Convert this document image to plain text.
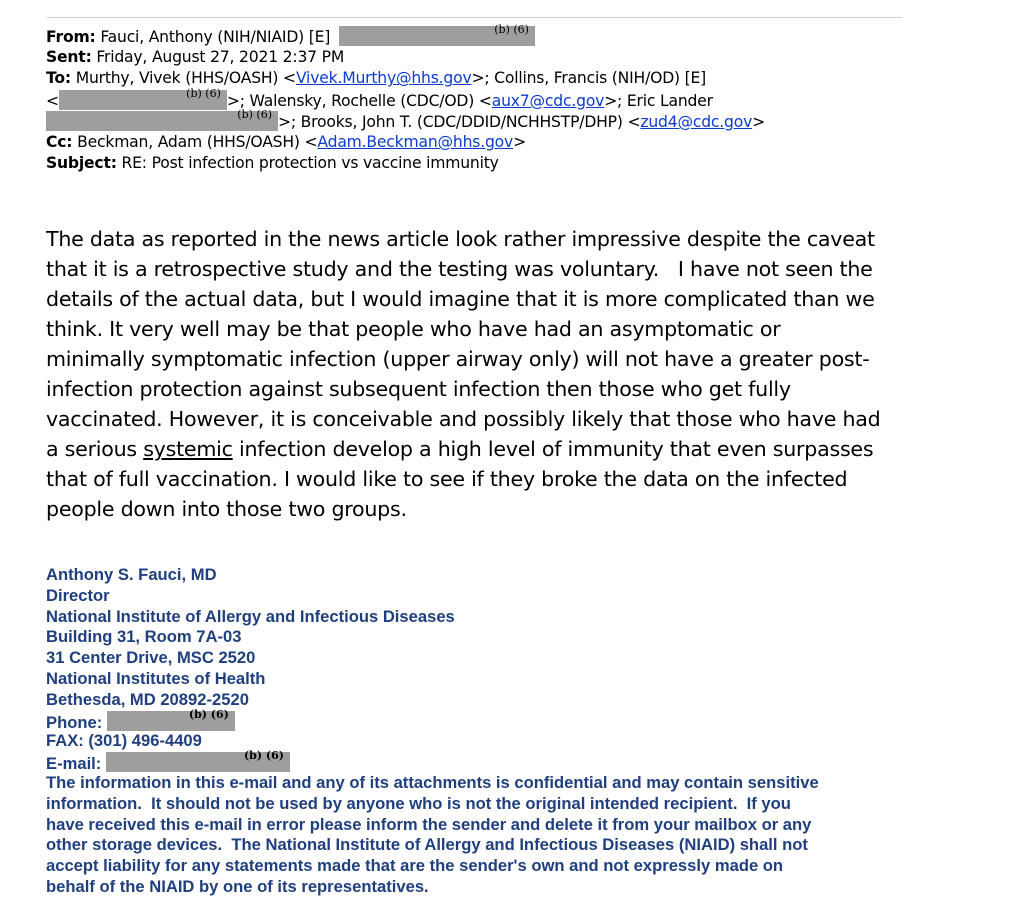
From: Fauci, Anthony (NIH/NIAID) [E]	(b) (6)
Sent: Friday, August 27, 2021 2:37 PM
To: Murthy, Vivek (HHS/OASH) <Vivek.Murthy@hhs.gov>; Collins, Francis (NIH/OD) [E]
<	(b) (6) >; Walensky, Rochelle (CDC/OD) <aux7@cdc.gov>; Eric Lander
(b) (6) >; Brooks, John T. (CDC/DDID/NCHHSTP/DHP) <zud4@cdc.gov>
Cc: Beckman, Adam (HHS/OASH) <Adam.Beckman@hhs.gov>
Subject: RE: Post infection protection vs vaccine immunity
The data as reported in the news article look rather impressive despite the caveat
that it is a retrospective study and the testing was voluntary.   I have not seen the
details of the actual data, but I would imagine that it is more complicated than we
think. It very well may be that people who have had an asymptomatic or
minimally symptomatic infection (upper airway only) will not have a greater post-
infection protection against subsequent infection then those who get fully
vaccinated. However, it is conceivable and possibly likely that those who have had
a serious systemic infection develop a high level of immunity that even surpasses
that of full vaccination. I would like to see if they broke the data on the infected
people down into those two groups.
Anthony S. Fauci, MD
Director
National Institute of Allergy and Infectious Diseases
Building 31, Room 7A-03
31 Center Drive, MSC 2520
National Institutes of Health
Bethesda, MD 20892-2520
Phone:	(b) (6)
FAX: (301) 496-4409
E-mail:	(b) (6)
The information in this e-mail and any of its attachments is confidential and may contain sensitive
information.  It should not be used by anyone who is not the original intended recipient.  If you
have received this e-mail in error please inform the sender and delete it from your mailbox or any
other storage devices.  The National Institute of Allergy and Infectious Diseases (NIAID) shall not
accept liability for any statements made that are the sender's own and not expressly made on
behalf of the NIAID by one of its representatives.
